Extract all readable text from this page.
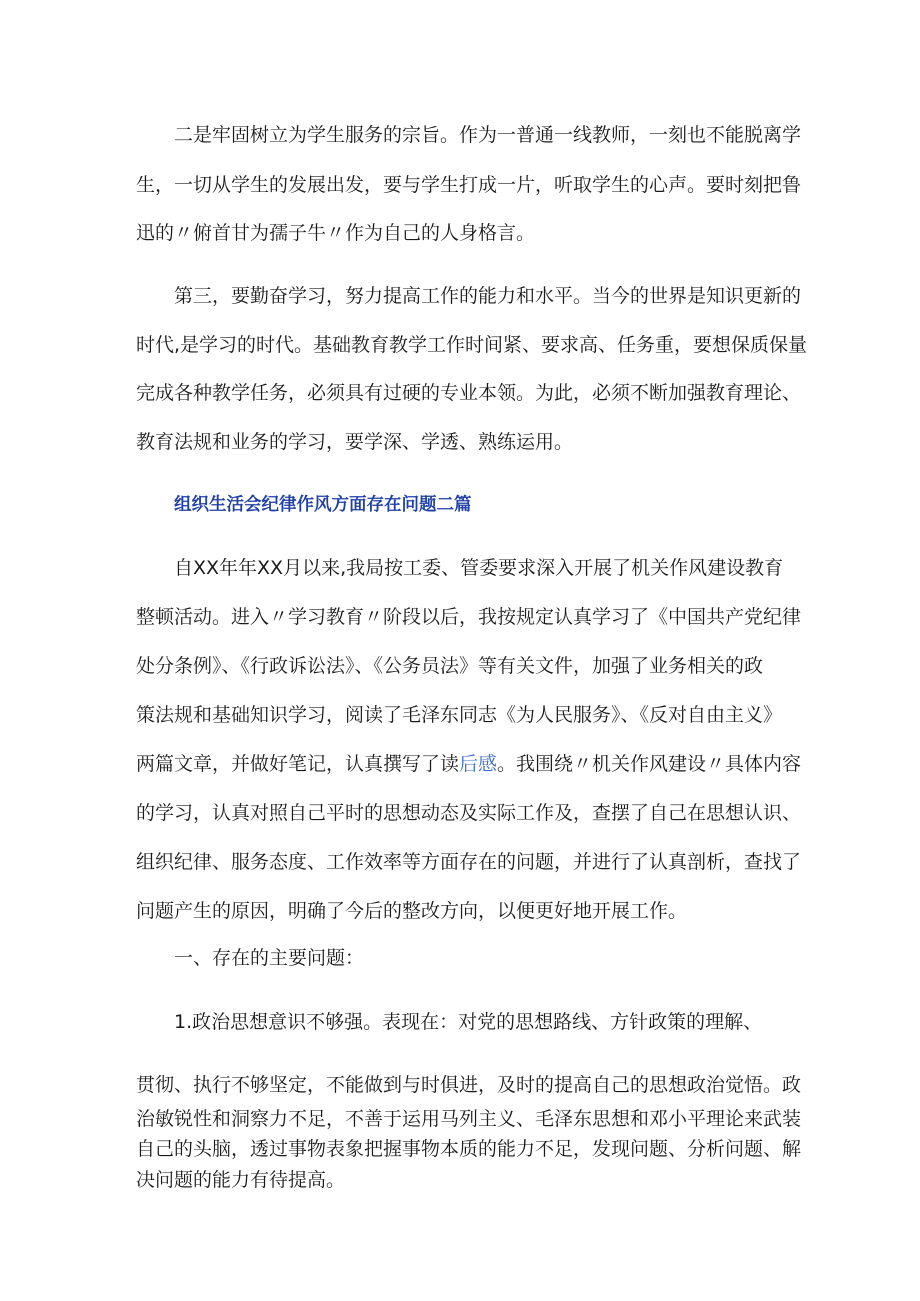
二是牢固树立为学生服务的宗旨。作为一普通一线教师，一刻也不能脱离学
生，一切从学生的发展出发，要与学生打成一片，听取学生的心声。要时刻把鲁
迅的〃俯首甘为孺子牛〃作为自己的人身格言。
第三，要勤奋学习，努力提高工作的能力和水平。当今的世界是知识更新的
时代,是学习的时代。基础教育教学工作时间紧、要求高、任务重，要想保质保量
完成各种教学任务，必须具有过硬的专业本领。为此，必须不断加强教育理论、
教育法规和业务的学习，要学深、学透、熟练运用。
组织生活会纪律作风方面存在问题二篇
自XX年年XX月以来,我局按工委、管委要求深入开展了机关作风建设教育
整顿活动。进入〃学习教育〃阶段以后，我按规定认真学习了《中国共产党纪律
处分条例》、《行政诉讼法》、《公务员法》等有关文件，加强了业务相关的政
策法规和基础知识学习，阅读了毛泽东同志《为人民服务》、《反对自由主义》
两篇文章，并做好笔记，认真撰写了读后感。我围绕〃机关作风建设〃具体内容
的学习，认真对照自己平时的思想动态及实际工作及，查摆了自己在思想认识、
组织纪律、服务态度、工作效率等方面存在的问题，并进行了认真剖析，查找了
问题产生的原因，明确了今后的整改方向，以便更好地开展工作。
一、存在的主要问题：
1.政治思想意识不够强。表现在：对党的思想路线、方针政策的理解、
贯彻、执行不够坚定，不能做到与时俱进，及时的提高自己的思想政治觉悟。政
治敏锐性和洞察力不足，不善于运用马列主义、毛泽东思想和邓小平理论来武装
自己的头脑，透过事物表象把握事物本质的能力不足，发现问题、分析问题、解
决问题的能力有待提高。
